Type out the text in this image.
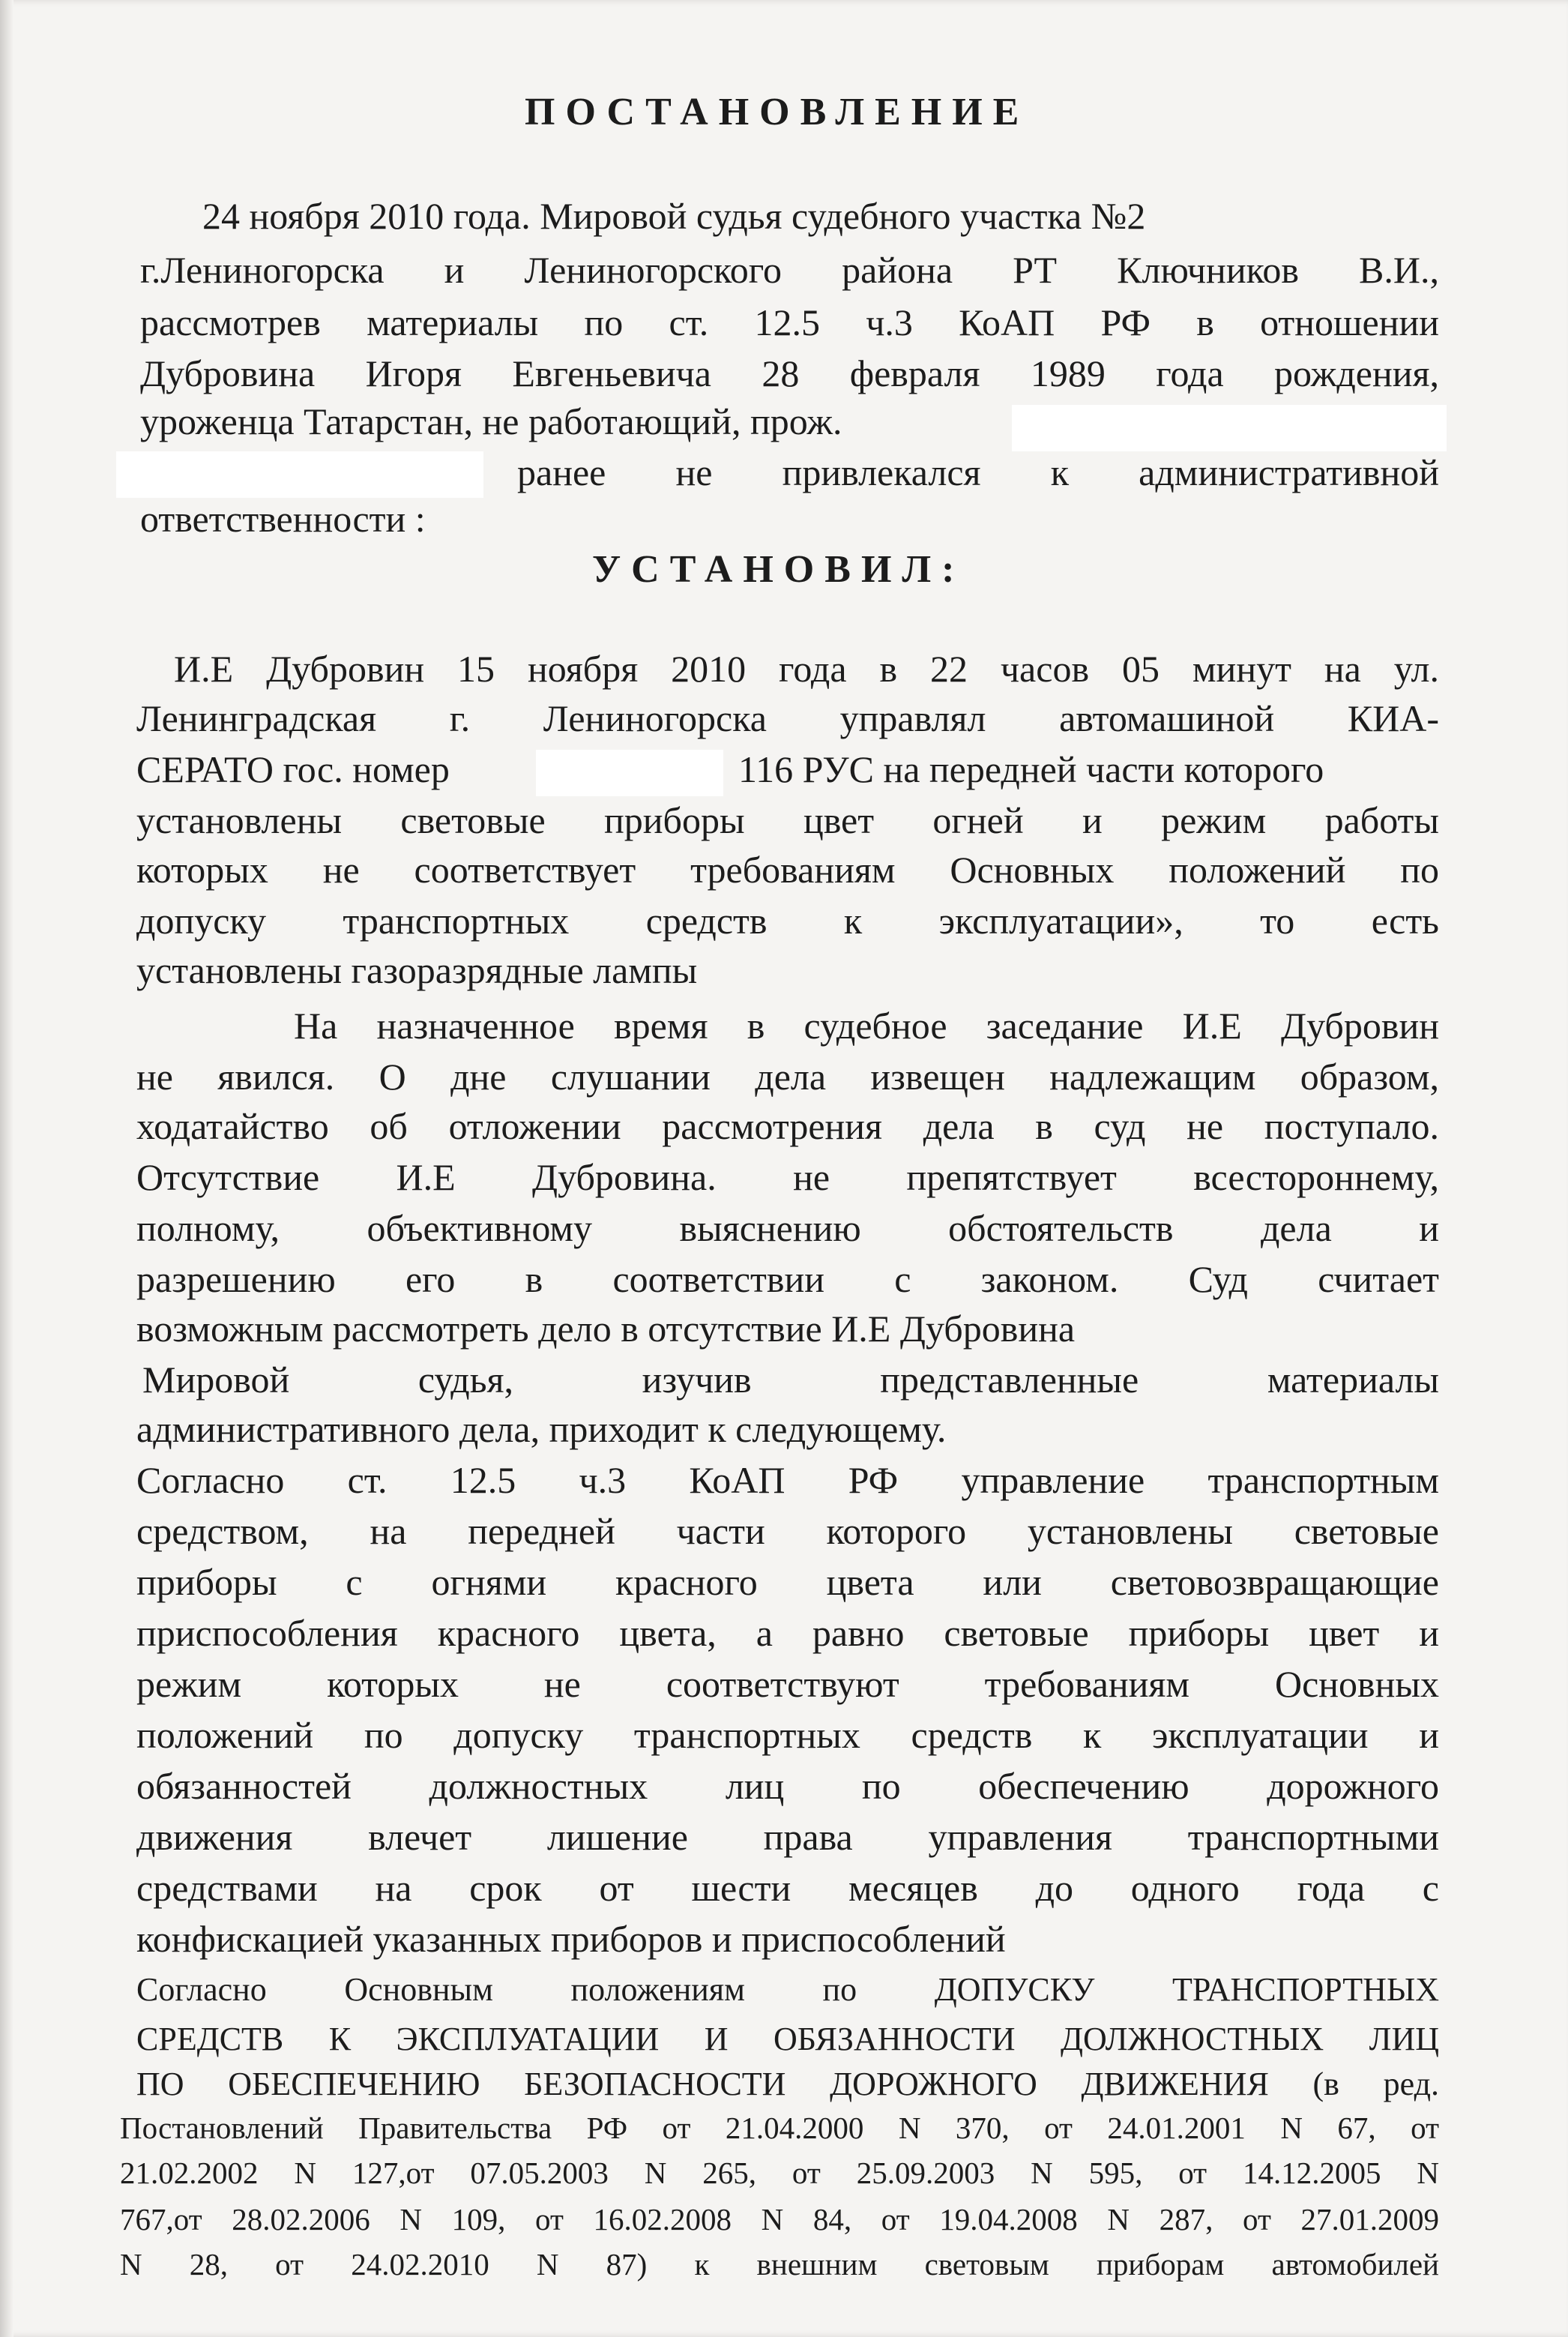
ПОСТАНОВЛЕНИЕ
24 ноября 2010 года. Мировой судья судебного участка №2
г.Лениногорска и Лениногорского района РТ Ключников В.И.,
рассмотрев материалы по ст. 12.5 ч.3 КоАП РФ в отношении
Дубровина Игоря Евгеньевича 28 февраля 1989 года рождения,
уроженца Татарстан, не работающий, прож.
ранее не привлекался к административной
ответственности :
УСТАНОВИЛ:
И.Е Дубровин 15 ноября 2010 года в 22 часов 05 минут на ул.
Ленинградская г. Лениногорска управлял автомашиной КИА-
СЕРАТО гос. номер	116 РУС на передней части которого
установлены световые приборы цвет огней и режим работы
которых не соответствует требованиям Основных положений по
допуску транспортных средств к эксплуатации», то есть
установлены газоразрядные лампы
На назначенное время в судебное заседание И.Е Дубровин
не явился. О дне слушании дела извещен надлежащим образом,
ходатайство об отложении рассмотрения дела в суд не поступало.
Отсутствие И.Е Дубровина. не препятствует всестороннему,
полному, объективному выяснению обстоятельств дела и
разрешению его в соответствии с законом. Суд считает
возможным рассмотреть дело в отсутствие И.Е Дубровина
Мировой судья, изучив представленные материалы
административного дела, приходит к следующему.
Согласно ст. 12.5 ч.3 КоАП РФ управление транспортным
средством, на передней части которого установлены световые
приборы с огнями красного цвета или световозвращающие
приспособления красного цвета, а равно световые приборы цвет и
режим которых не соответствуют требованиям Основных
положений по допуску транспортных средств к эксплуатации и
обязанностей должностных лиц по обеспечению дорожного
движения влечет лишение права управления транспортными
средствами на срок от шести месяцев до одного года с
конфискацией указанных приборов и приспособлений
Согласно Основным положениям по ДОПУСКУ ТРАНСПОРТНЫХ
СРЕДСТВ К ЭКСПЛУАТАЦИИ И ОБЯЗАННОСТИ ДОЛЖНОСТНЫХ ЛИЦ
ПО ОБЕСПЕЧЕНИЮ БЕЗОПАСНОСТИ ДОРОЖНОГО ДВИЖЕНИЯ (в ред.
Постановлений Правительства РФ от 21.04.2000 N 370, от 24.01.2001 N 67, от
21.02.2002 N 127,от 07.05.2003 N 265, от 25.09.2003 N 595, от 14.12.2005 N
767,от 28.02.2006 N 109, от 16.02.2008 N 84, от 19.04.2008 N 287, от 27.01.2009
N 28, от 24.02.2010 N 87) к внешним световым приборам автомобилей
